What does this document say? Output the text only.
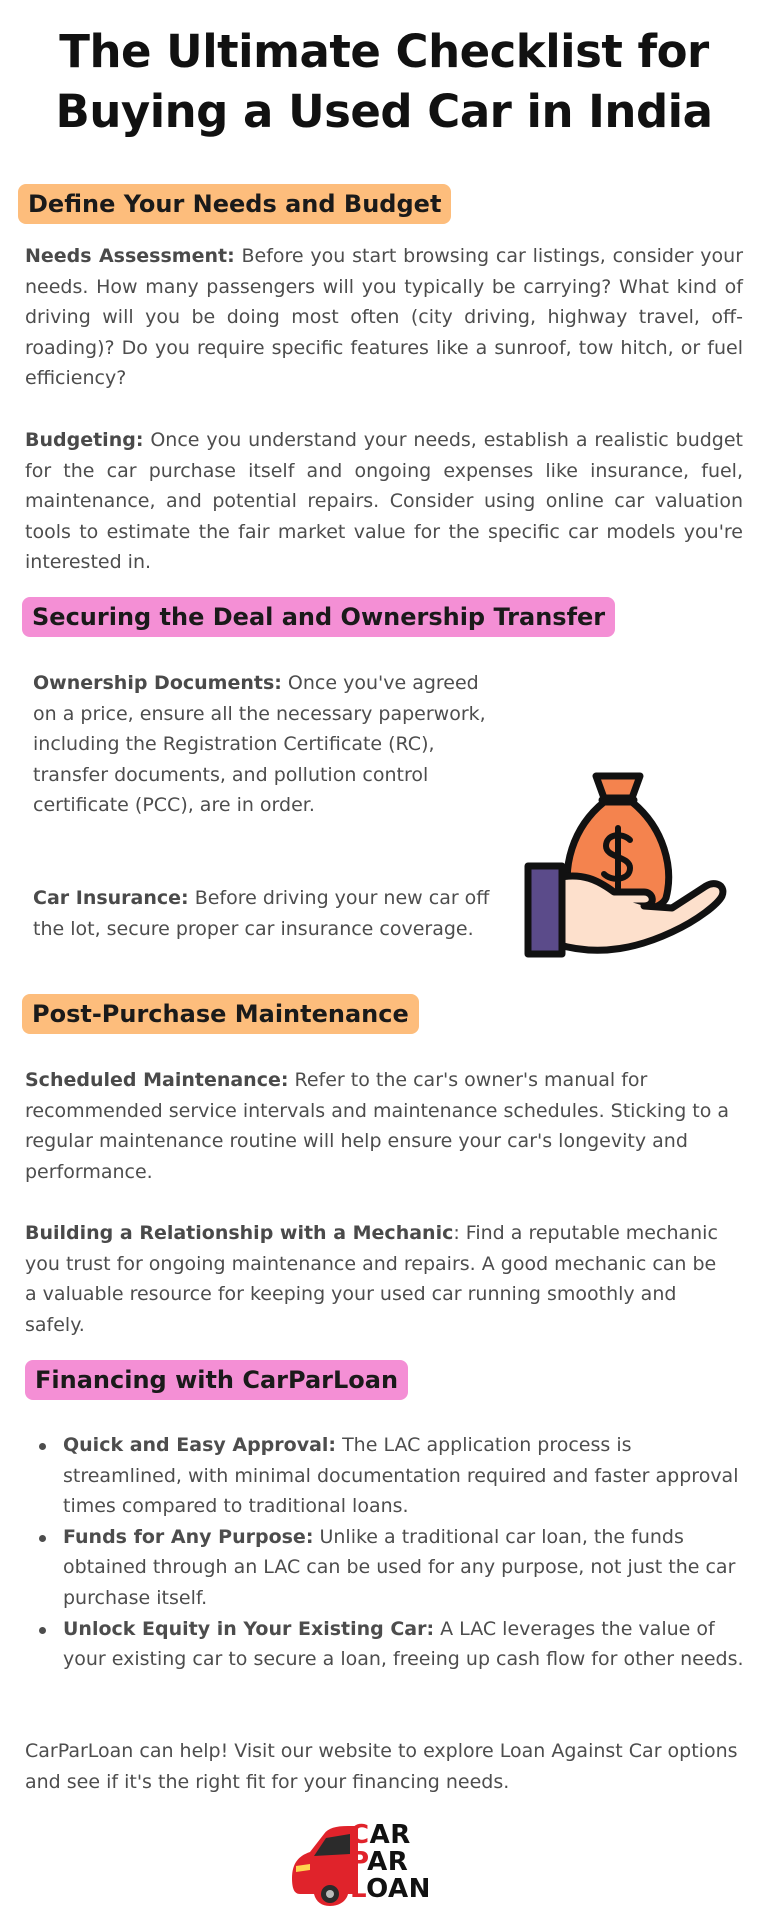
The Ultimate Checklist for
Buying a Used Car in India
Define Your Needs and Budget

Needs Assessment: Before you start browsing car listings, consider your needs. How many passengers will you typically be carrying? What kind of driving will you be doing most often (city driving, highway travel, off-roading)? Do you require specific features like a sunroof, tow hitch, or fuel efficiency?

Budgeting: Once you understand your needs, establish a realistic budget for the car purchase itself and ongoing expenses like insurance, fuel, maintenance, and potential repairs. Consider using online car valuation tools to estimate the fair market value for the specific car models you're interested in.

Securing the Deal and Ownership Transfer

Ownership Documents: Once you've agreed on a price, ensure all the necessary paperwork, including the Registration Certificate (RC), transfer documents, and pollution control certificate (PCC), are in order.

Car Insurance: Before driving your new car off the lot, secure proper car insurance coverage.

Post-Purchase Maintenance

Scheduled Maintenance: Refer to the car's owner's manual for recommended service intervals and maintenance schedules. Sticking to a regular maintenance routine will help ensure your car's longevity and performance.

Building a Relationship with a Mechanic: Find a reputable mechanic you trust for ongoing maintenance and repairs. A good mechanic can be a valuable resource for keeping your used car running smoothly and safely.

Financing with CarParLoan
Quick and Easy Approval: The LAC application process is streamlined, with minimal documentation required and faster approval times compared to traditional loans.
Funds for Any Purpose: Unlike a traditional car loan, the funds obtained through an LAC can be used for any purpose, not just the car purchase itself.
Unlock Equity in Your Existing Car: A LAC leverages the value of your existing car to secure a loan, freeing up cash flow for other needs.

CarParLoan can help! Visit our website to explore Loan Against Car options and see if it's the right fit for your financing needs.

CAR
PAR
LOAN
